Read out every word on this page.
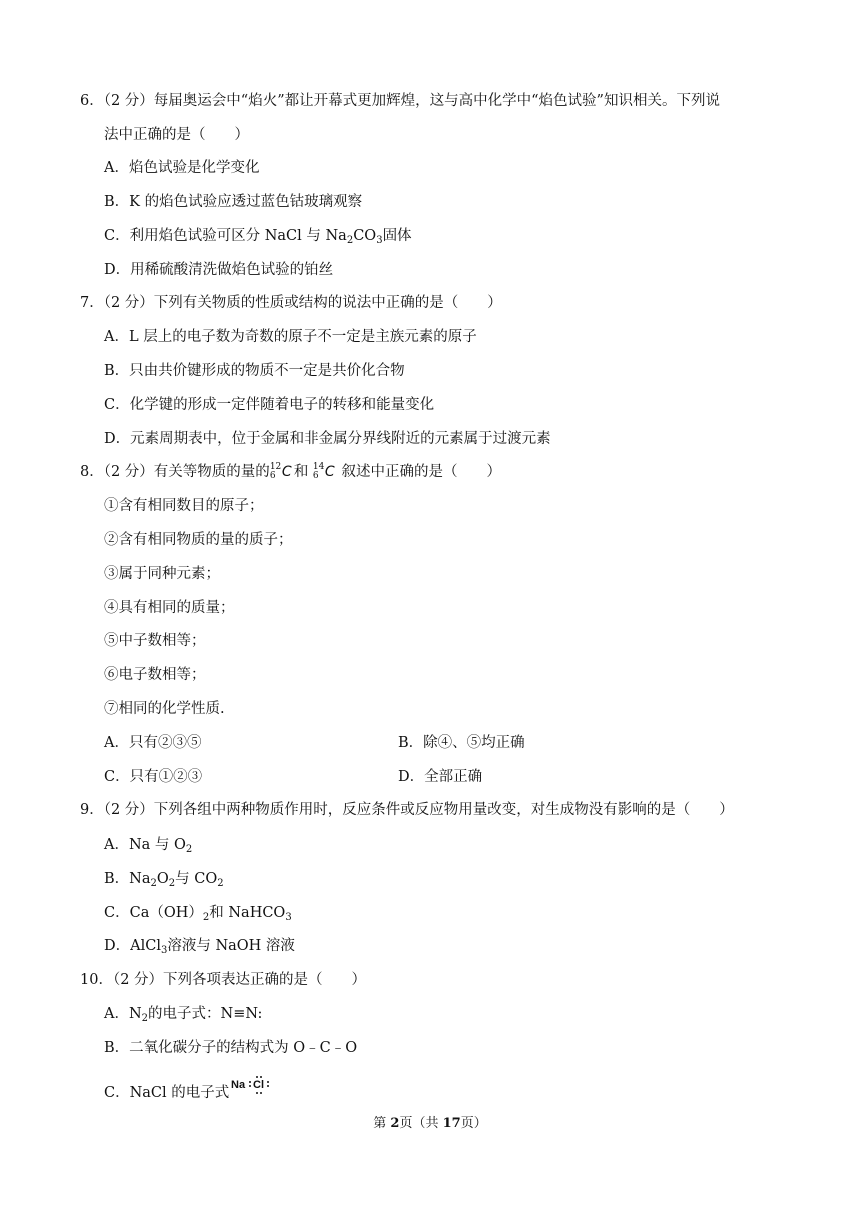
6．（2 分）每届奥运会中“焰火”都让开幕式更加辉煌，这与高中化学中“焰色试验”知识相关。下列说
法中正确的是（　　）
A．焰色试验是化学变化
B．K 的焰色试验应透过蓝色钴玻璃观察
C．利用焰色试验可区分 NaCl 与 $Na_2CO_3$固体
D．用稀硫酸清洗做焰色试验的铂丝
7．（2 分）下列有关物质的性质或结构的说法中正确的是（　　）
A．L 层上的电子数为奇数的原子不一定是主族元素的原子
B．只由共价键形成的物质不一定是共价化合物
C．化学键的形成一定伴随着电子的转移和能量变化
D．元素周期表中，位于金属和非金属分界线附近的元素属于过渡元素
8．（2 分）有关等物质的量的 12
6 C 和 14
6 C 叙述中正确的是（　　）
①含有相同数目的原子；
②含有相同物质的量的质子；
③属于同种元素；
④具有相同的质量；
⑤中子数相等；
⑥电子数相等；
⑦相同的化学性质.
A．只有②③⑤	B．除④、⑤均正确
C．只有①②③	D．全部正确
9．（2 分）下列各组中两种物质作用时，反应条件或反应物用量改变，对生成物没有影响的是（　　）
A．Na 与 $O_2$
B．$Na_2O_2$与 $CO_2$
C．$Ca(OH)_2$和 NaHCO$_3$
D．AlCl$_3$溶液与 NaOH 溶液
10．（2 分）下列各项表达正确的是（　　）
A．$N_2$的电子式：N≡N:
B．二氧化碳分子的结构式为 O﹣C﹣O
C．NaCl 的电子式 Na Cl
第 2页（共 17页）
